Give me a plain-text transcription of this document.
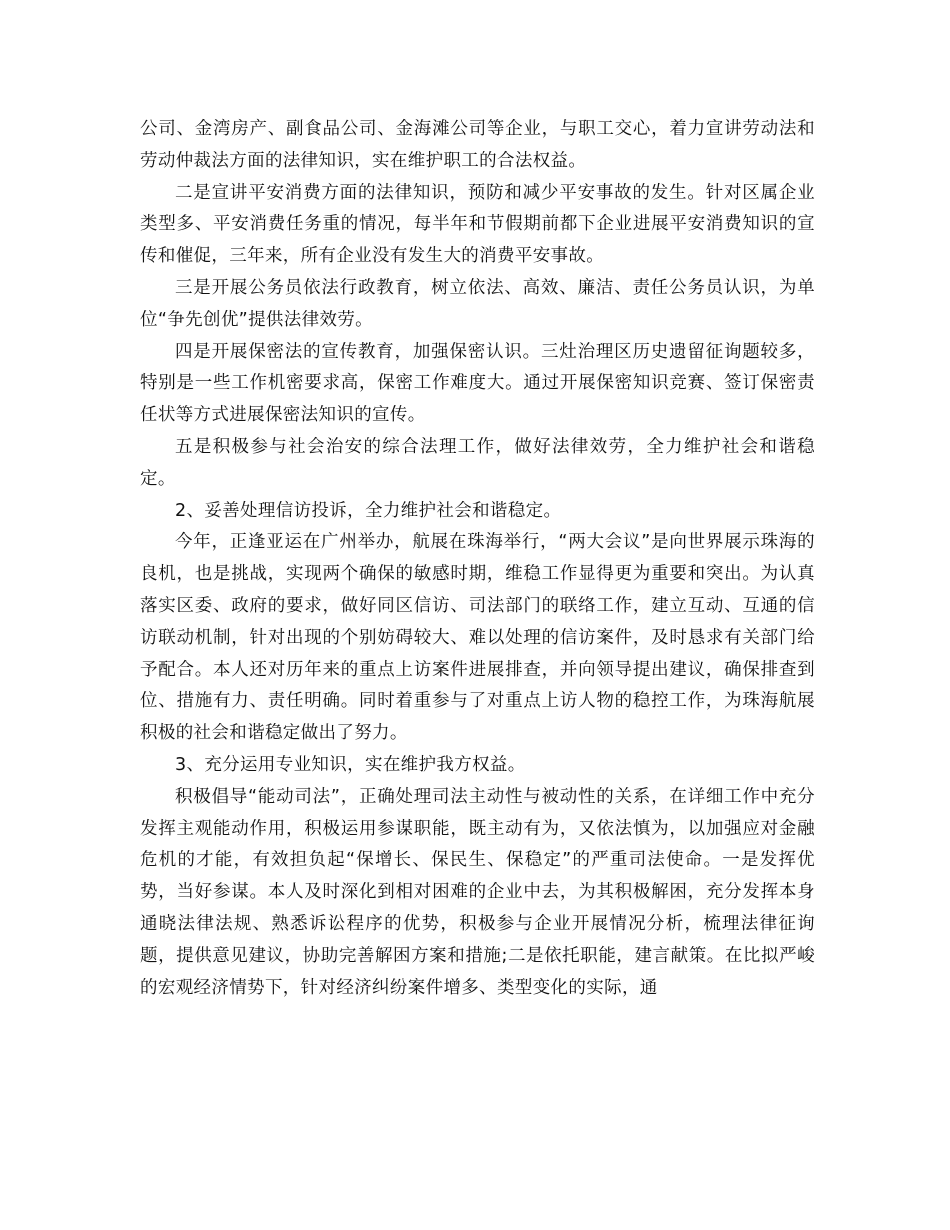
公司、金湾房产、副食品公司、金海滩公司等企业，与职工交心，着力宣讲劳动法和劳动仲裁法方面的法律知识，实在维护职工的合法权益。

二是宣讲平安消费方面的法律知识，预防和减少平安事故的发生。针对区属企业类型多、平安消费任务重的情况，每半年和节假期前都下企业进展平安消费知识的宣传和催促，三年来，所有企业没有发生大的消费平安事故。

三是开展公务员依法行政教育，树立依法、高效、廉洁、责任公务员认识，为单位“争先创优”提供法律效劳。

四是开展保密法的宣传教育，加强保密认识。三灶治理区历史遗留征询题较多，特别是一些工作机密要求高，保密工作难度大。通过开展保密知识竞赛、签订保密责任状等方式进展保密法知识的宣传。

五是积极参与社会治安的综合法理工作，做好法律效劳，全力维护社会和谐稳定。

2、妥善处理信访投诉，全力维护社会和谐稳定。

今年，正逢亚运在广州举办，航展在珠海举行，“两大会议”是向世界展示珠海的良机，也是挑战，实现两个确保的敏感时期，维稳工作显得更为重要和突出。为认真落实区委、政府的要求，做好同区信访、司法部门的联络工作，建立互动、互通的信访联动机制，针对出现的个别妨碍较大、难以处理的信访案件，及时恳求有关部门给予配合。本人还对历年来的重点上访案件进展排查，并向领导提出建议，确保排查到位、措施有力、责任明确。同时着重参与了对重点上访人物的稳控工作，为珠海航展积极的社会和谐稳定做出了努力。

3、充分运用专业知识，实在维护我方权益。

积极倡导“能动司法”，正确处理司法主动性与被动性的关系，在详细工作中充分发挥主观能动作用，积极运用参谋职能，既主动有为，又依法慎为，以加强应对金融危机的才能，有效担负起“保增长、保民生、保稳定”的严重司法使命。一是发挥优势，当好参谋。本人及时深化到相对困难的企业中去，为其积极解困，充分发挥本身通晓法律法规、熟悉诉讼程序的优势，积极参与企业开展情况分析，梳理法律征询题，提供意见建议，协助完善解困方案和措施;二是依托职能，建言献策。在比拟严峻的宏观经济情势下，针对经济纠纷案件增多、类型变化的实际，通
